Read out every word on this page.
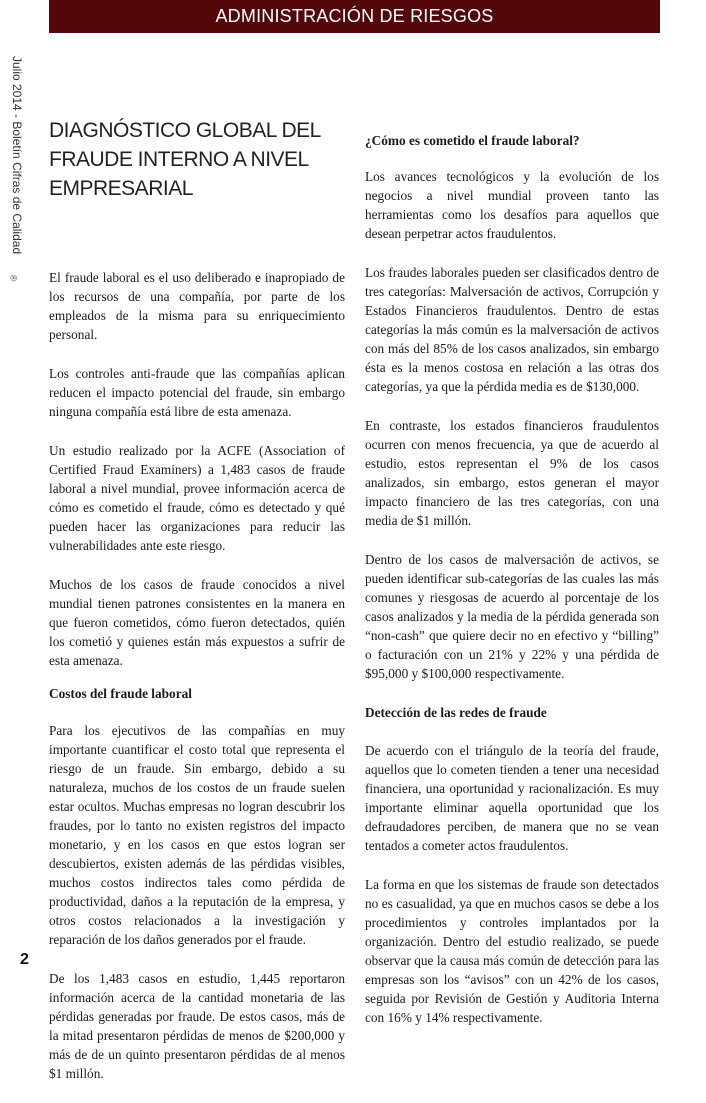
ADMINISTRACIÓN DE RIESGOS
Julio 2014 - Boletín Cifras de Calidad
®
DIAGNÓSTICO GLOBAL DEL FRAUDE INTERNO A NIVEL EMPRESARIAL

El fraude laboral es el uso deliberado e inapropiado de los recursos de una compañía, por parte de los empleados de la misma para su enriquecimiento personal.

Los controles anti-fraude que las compañías aplican reducen el impacto potencial del fraude, sin embargo ninguna compañía está libre de esta amenaza.

Un estudio realizado por la ACFE (Association of Certified Fraud Examiners) a 1,483 casos de fraude laboral a nivel mundial, provee información acerca de cómo es cometido el fraude, cómo es detectado y qué pueden hacer las organizaciones para reducir las vulnerabilidades ante este riesgo.

Muchos de los casos de fraude conocidos a nivel mundial tienen patrones consistentes en la manera en que fueron cometidos, cómo fueron detectados, quién los cometió y quienes están más expuestos a sufrir de esta amenaza.

Costos del fraude laboral

Para los ejecutivos de las compañías en muy importante cuantificar el costo total que representa el riesgo de un fraude. Sin embargo, debido a su naturaleza, muchos de los costos de un fraude suelen estar ocultos. Muchas empresas no logran descubrir los fraudes, por lo tanto no existen registros del impacto monetario, y en los casos en que estos logran ser descubiertos, existen además de las pérdidas visibles, muchos costos indirectos tales como pérdida de productividad, daños a la reputación de la empresa, y otros costos relacionados a la investigación y reparación de los daños generados por el fraude.

De los 1,483 casos en estudio, 1,445 reportaron información acerca de la cantidad monetaria de las pérdidas generadas por fraude. De estos casos, más de la mitad presentaron pérdidas de menos de $200,000 y más de de un quinto presentaron pérdidas de al menos $1 millón.

¿Cómo es cometido el fraude laboral?

Los avances tecnológicos y la evolución de los negocios a nivel mundial proveen tanto las herramientas como los desafíos para aquellos que desean perpetrar actos fraudulentos.

Los fraudes laborales pueden ser clasificados dentro de tres categorías: Malversación de activos, Corrupción y Estados Financieros fraudulentos. Dentro de estas categorías la más común es la malversación de activos con más del 85% de los casos analizados, sin embargo ésta es la menos costosa en relación a las otras dos categorías, ya que la pérdida media es de $130,000.

En contraste, los estados financieros fraudulentos ocurren con menos frecuencia, ya que de acuerdo al estudio, estos representan el 9% de los casos analizados, sin embargo, estos generan el mayor impacto financiero de las tres categorías, con una media de $1 millón.

Dentro de los casos de malversación de activos, se pueden identificar sub-categorías de las cuales las más comunes y riesgosas de acuerdo al porcentaje de los casos analizados y la media de la pérdida generada son “non-cash” que quiere decir no en efectivo y “billing” o facturación con un 21% y 22% y una pérdida de $95,000 y $100,000 respectivamente.

Detección de las redes de fraude

De acuerdo con el triángulo de la teoría del fraude, aquellos que lo cometen tienden a tener una necesidad financiera, una oportunidad y racionalización. Es muy importante eliminar aquella oportunidad que los defraudadores perciben, de manera que no se vean tentados a cometer actos fraudulentos.

La forma en que los sistemas de fraude son detectados no es casualidad, ya que en muchos casos se debe a los procedimientos y controles implantados por la organización. Dentro del estudio realizado, se puede observar que la causa más común de detección para las empresas son los “avisos” con un 42% de los casos, seguida por Revisión de Gestión y Auditoria Interna con 16% y 14% respectivamente.

2
